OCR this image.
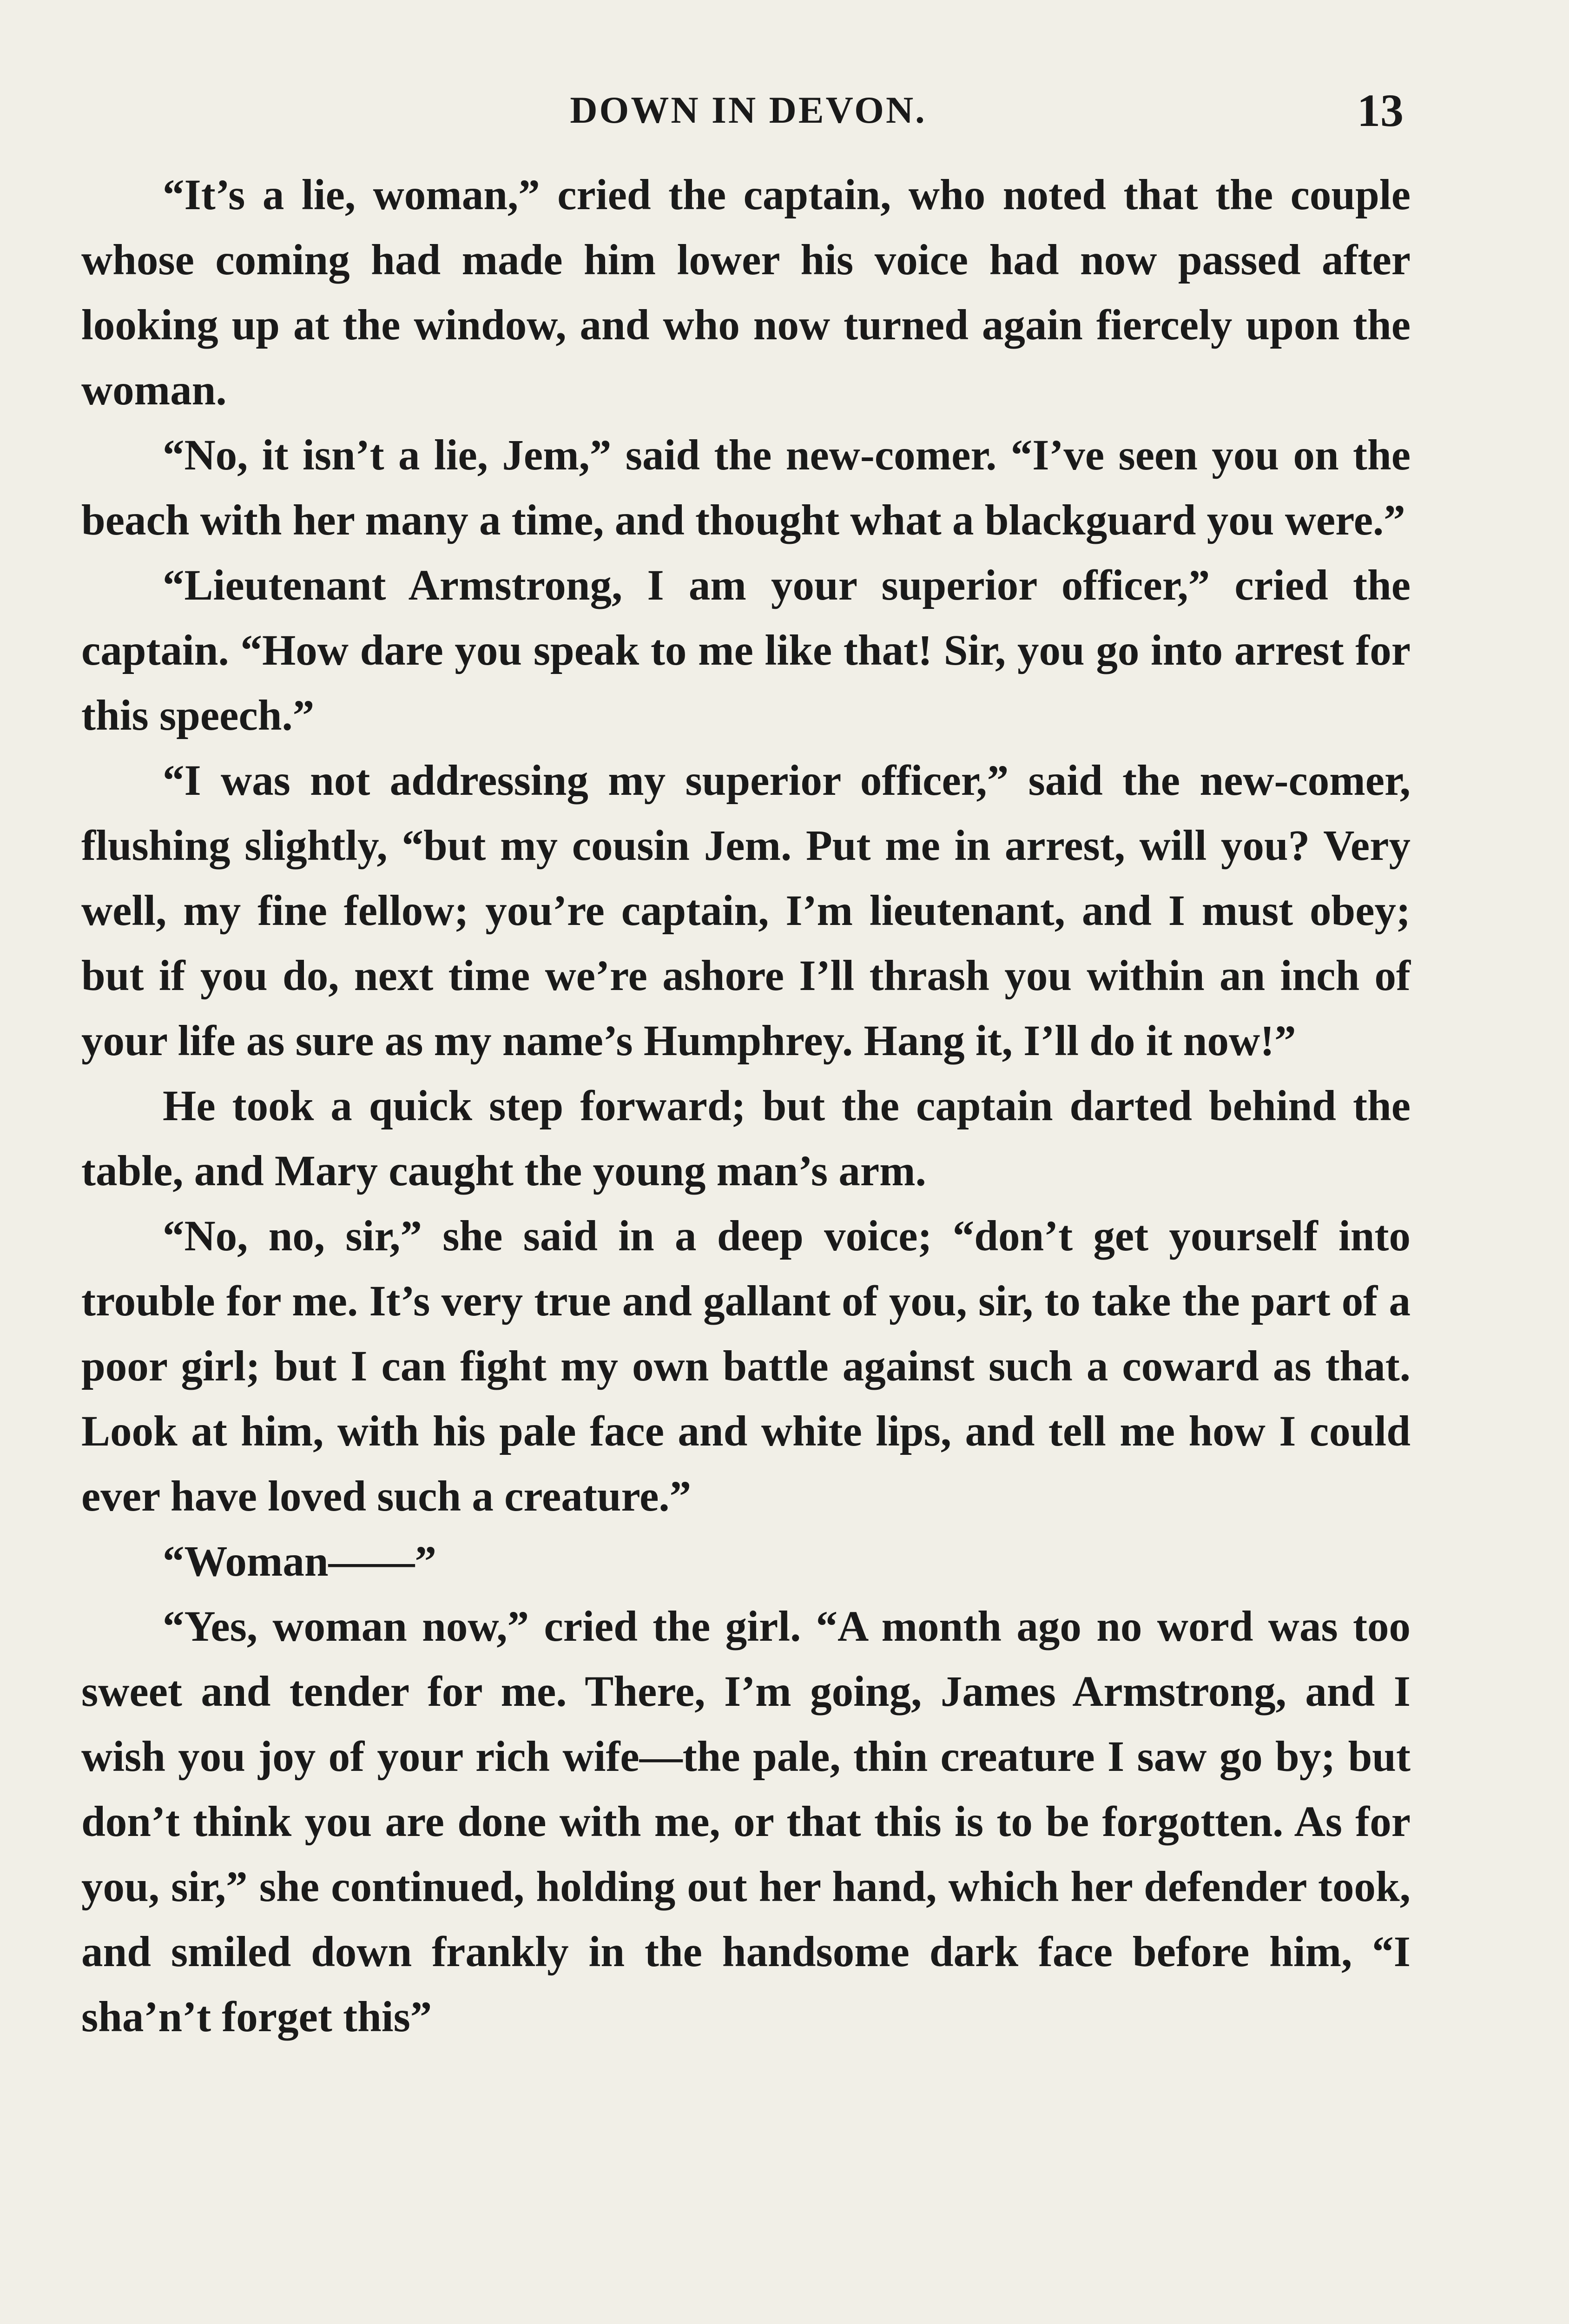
DOWN IN DEVON.	13

“It’s a lie, woman,” cried the captain, who noted that the couple whose coming had made him lower his voice had now passed after looking up at the window, and who now turned again fiercely upon the woman.

“No, it isn’t a lie, Jem,” said the new-comer. “I’ve seen you on the beach with her many a time, and thought what a blackguard you were.”

“Lieutenant Armstrong, I am your superior officer,” cried the captain. “How dare you speak to me like that! Sir, you go into arrest for this speech.”

“I was not addressing my superior officer,” said the new-comer, flushing slightly, “but my cousin Jem. Put me in arrest, will you? Very well, my fine fellow; you’re captain, I’m lieutenant, and I must obey; but if you do, next time we’re ashore I’ll thrash you within an inch of your life as sure as my name’s Humphrey. Hang it, I’ll do it now!”

He took a quick step forward; but the captain darted behind the table, and Mary caught the young man’s arm.

“No, no, sir,” she said in a deep voice; “don’t get yourself into trouble for me. It’s very true and gallant of you, sir, to take the part of a poor girl; but I can fight my own battle against such a coward as that. Look at him, with his pale face and white lips, and tell me how I could ever have loved such a creature.”

“Woman——”

“Yes, woman now,” cried the girl. “A month ago no word was too sweet and tender for me. There, I’m going, James Armstrong, and I wish you joy of your rich wife—the pale, thin creature I saw go by; but don’t think you are done with me, or that this is to be forgotten. As for you, sir,” she continued, holding out her hand, which her defender took, and smiled down frankly in the handsome dark face before him, “I sha’n’t forget this”
